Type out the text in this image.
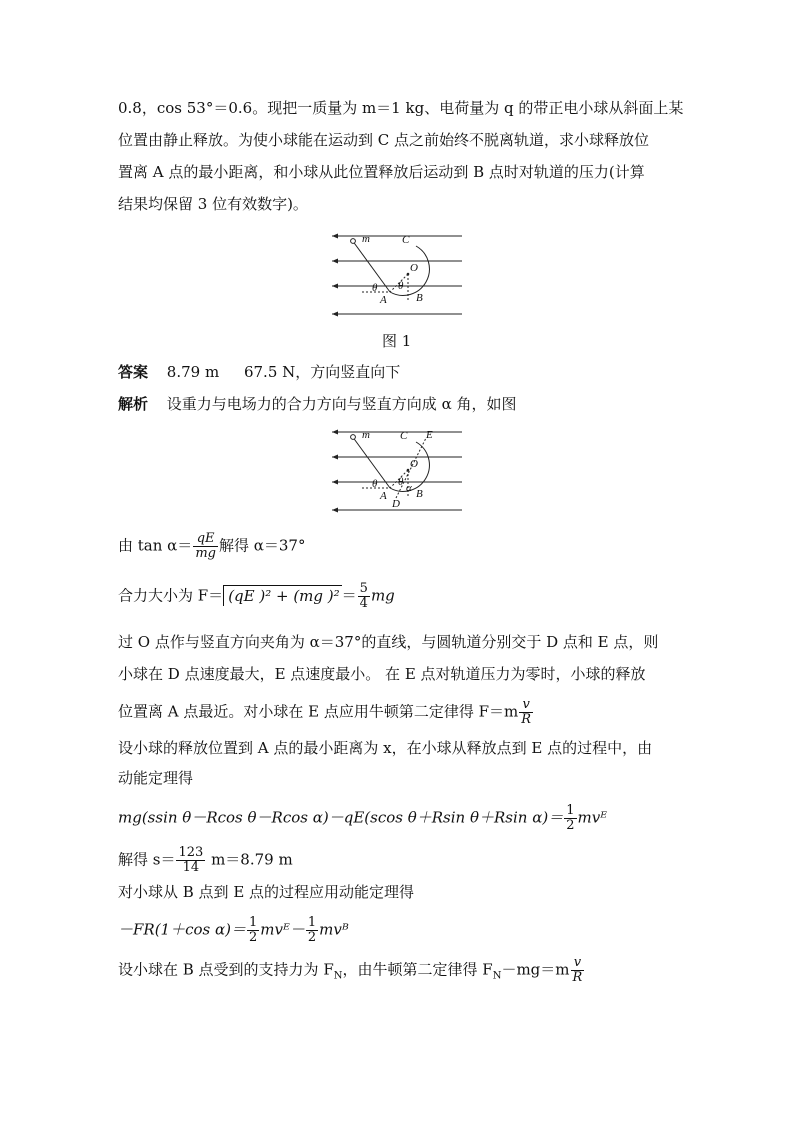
0.8，cos 53°＝0.6。现把一质量为 m＝1 kg、电荷量为 q 的带正电小球从斜面上某
位置由静止释放。为使小球能在运动到 C 点之前始终不脱离轨道，求小球释放位
置离 A 点的最小距离，和小球从此位置释放后运动到 B 点时对轨道的压力(计算
结果均保留 3 位有效数字)。
m	C
O
θ θ
A	B
图 1
答案 8.79 m 67.5 N，方向竖直向下
解析 设重力与电场力的合力方向与竖直方向成 α 角，如图
m	C E
O
θ θ α
A	B
D
由 $\tan \alpha= \frac{qE}{mg}$ 解得 α＝37°
合力大小为 F＝ (qE )² + (mg )$^2 = \frac{5}{4}$ mg
过 O 点作与竖直方向夹角为 α＝37°的直线，与圆轨道分别交于 D 点和 E 点，则
小球在 D 点速度最大，E 点速度最小。 在 E 点对轨道压力为零时，小球的释放
位置离 A 点最近。对小球在 E 点应用牛顿第二定律得 $F=m \frac{v}{R}$
设小球的释放位置到 A 点的最小距离为 x，在小球从释放点到 E 点的过程中，由
动能定理得
mg(ssin θ－Rcos θ－Rcos α)－qE(scos θ＋Rsin θ＋Rsin $\alpha)= \frac{1}{2}$ mvᴱ
解得 $s= \frac{123}{14} m=8.79$ m
对小球从 B 点到 E 点的过程应用动能定理得
－FR(1＋cos $\alpha)= \frac{1}{2}$ mvᴱ－ $\frac{1}{2}$ mvᴮ
设小球在 B 点受到的支持力为 $F_N$，由牛顿第二定律得 $F_N-mg=m \frac{v}{R}$
